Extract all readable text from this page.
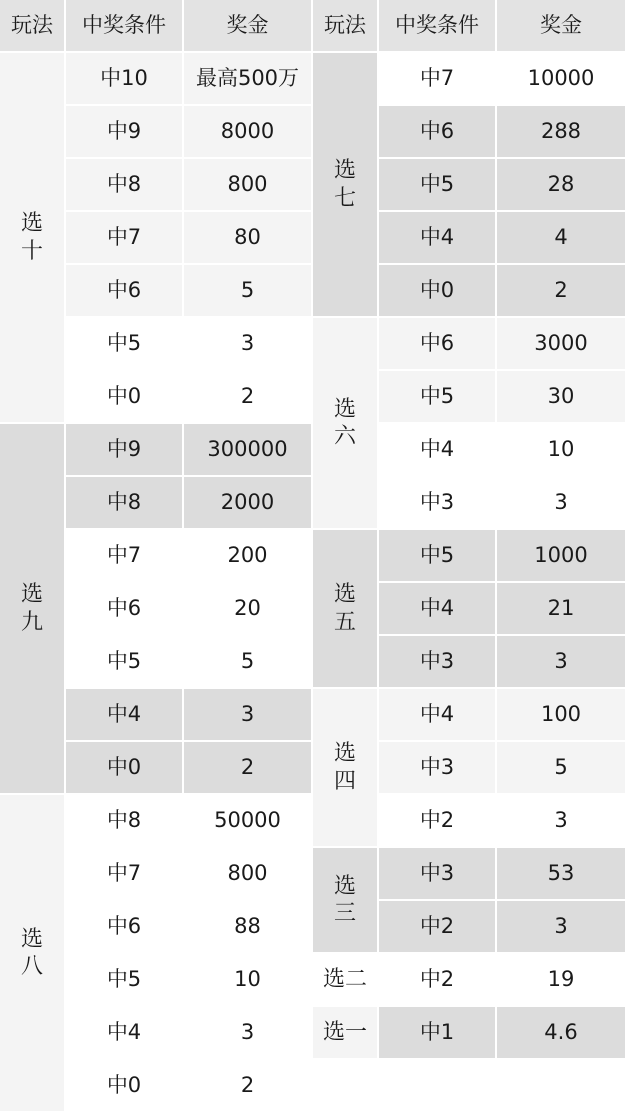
玩法	中奖条件	奖金	玩法	中奖条件	奖金
选
十
中10	最高500万
中9	8000
中8	800
中7	80
中6	5
中5	3
中0	2
选
九
中9	300000
中8	2000
中7	200
中6	20
中5	5
中4	3
中0	2
选
八
中8	50000
中7	800
中6	88
中5	10
中4	3
中0	2
选
七
中7	10000
中6	288
中5	28
中4	4
中0	2
选
六
中6	3000
中5	30
中4	10
中3	3
选
五
中5	1000
中4	21
中3	3
选
四
中4	100
中3	5
中2	3
选
三
中3	53
中2	3
选二	中2	19
选一	中1	4.6
